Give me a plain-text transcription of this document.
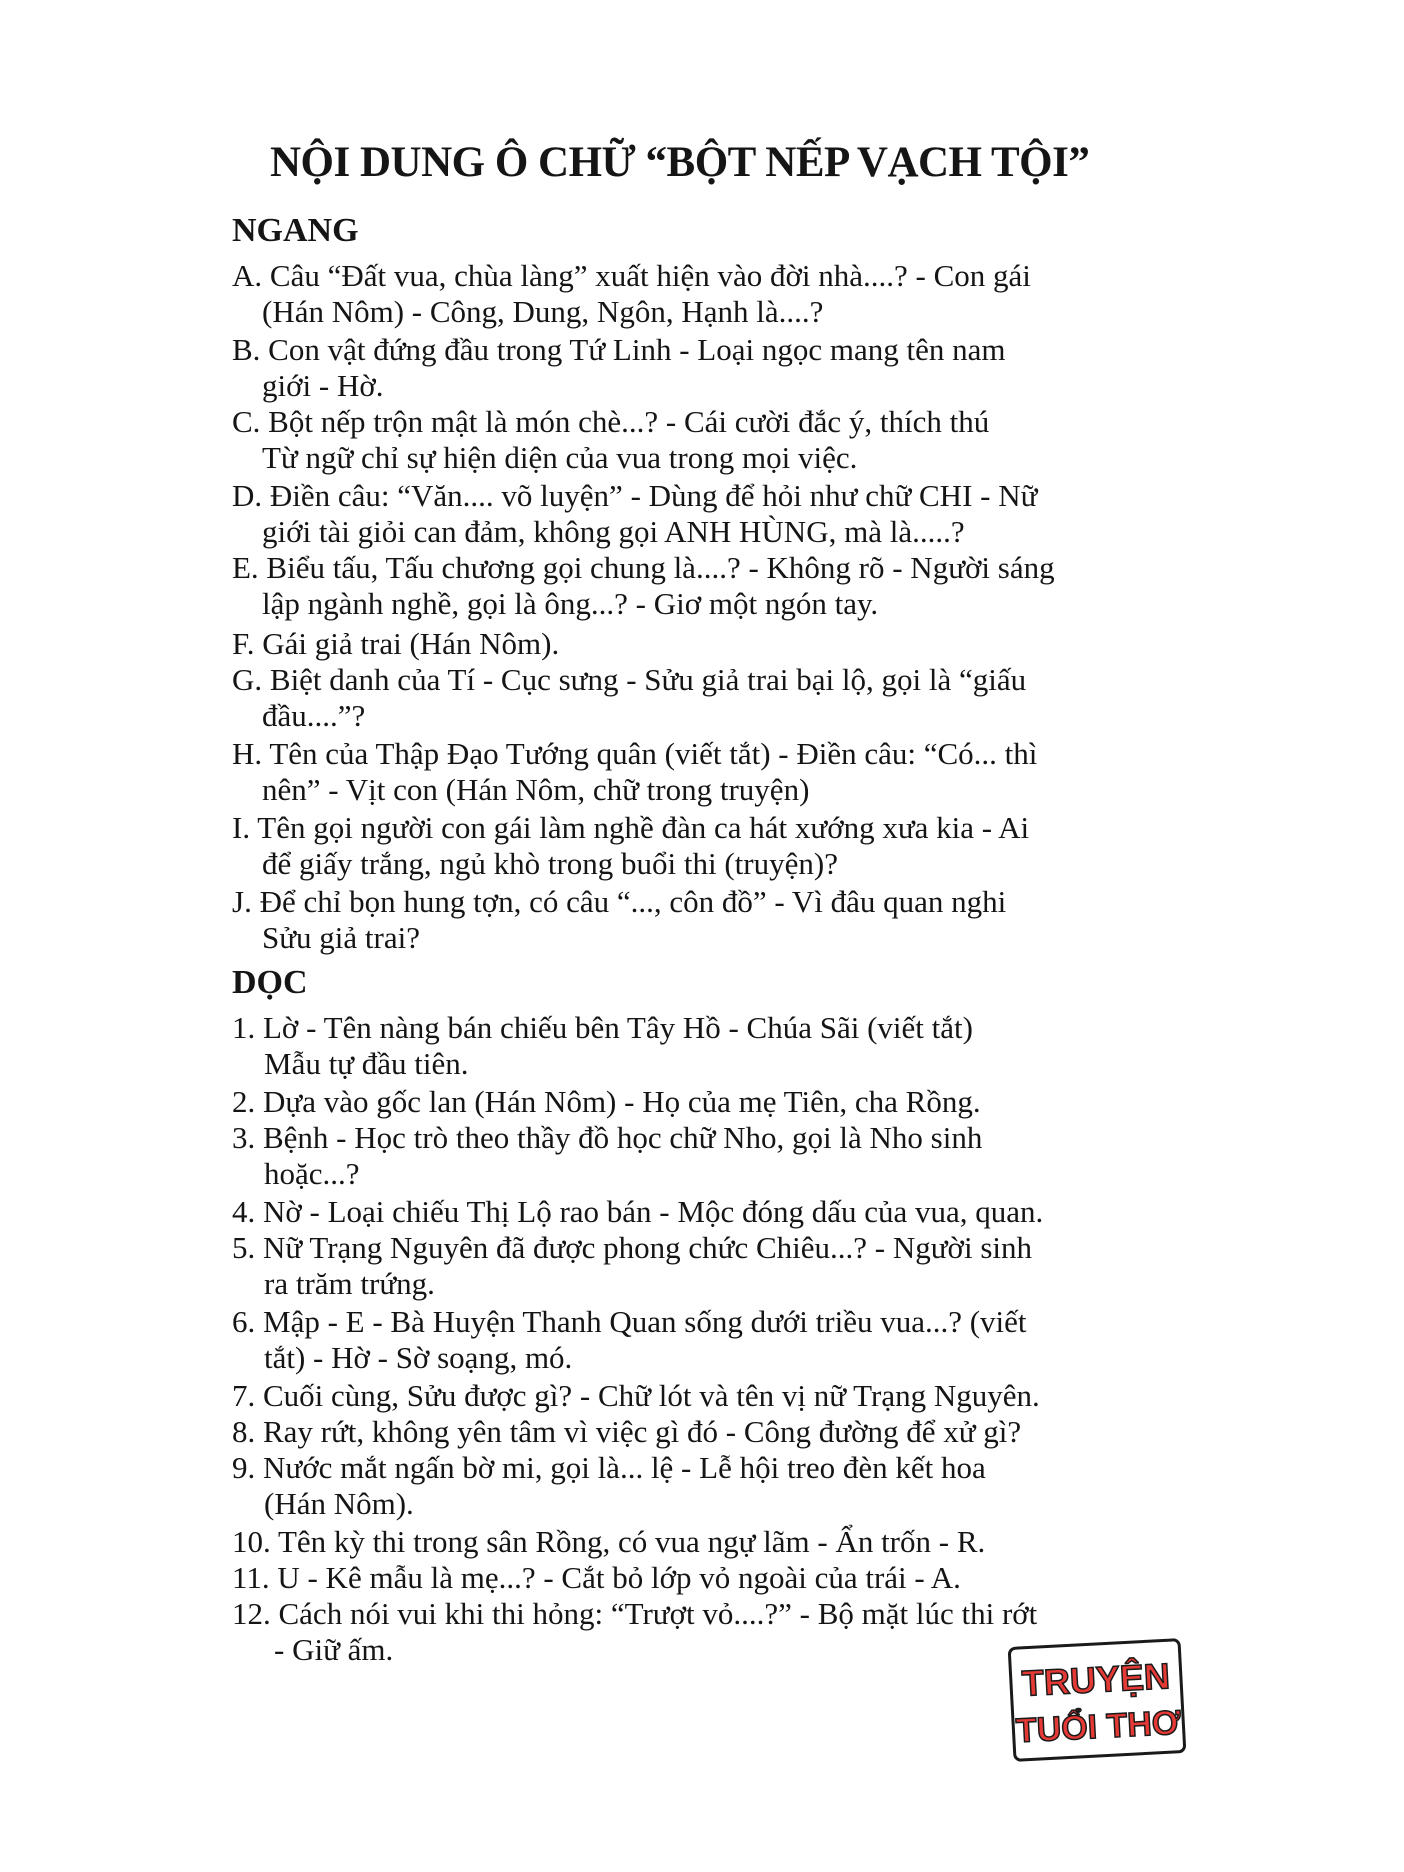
NỘI DUNG Ô CHỮ “BỘT NẾP VẠCH TỘI”
NGANG
A. Câu “Đất vua, chùa làng” xuất hiện vào đời nhà....? - Con gái
(Hán Nôm) - Công, Dung, Ngôn, Hạnh là....?
B. Con vật đứng đầu trong Tứ Linh - Loại ngọc mang tên nam
giới - Hờ.
C. Bột nếp trộn mật là món chè...? - Cái cười đắc ý, thích thú
Từ ngữ chỉ sự hiện diện của vua trong mọi việc.
D. Điền câu: “Văn.... võ luyện” - Dùng để hỏi như chữ CHI - Nữ
giới tài giỏi can đảm, không gọi ANH HÙNG, mà là.....?
E. Biểu tấu, Tấu chương gọi chung là....? - Không rõ - Người sáng
lập ngành nghề, gọi là ông...? - Giơ một ngón tay.
F. Gái giả trai (Hán Nôm).
G. Biệt danh của Tí - Cục sưng - Sửu giả trai bại lộ, gọi là “giấu
đầu....”?
H. Tên của Thập Đạo Tướng quân (viết tắt) - Điền câu: “Có... thì
nên” - Vịt con (Hán Nôm, chữ trong truyện)
I. Tên gọi người con gái làm nghề đàn ca hát xướng xưa kia - Ai
để giấy trắng, ngủ khò trong buổi thi (truyện)?
J. Để chỉ bọn hung tợn, có câu “..., côn đồ” - Vì đâu quan nghi
Sửu giả trai?
DỌC
1. Lờ - Tên nàng bán chiếu bên Tây Hồ - Chúa Sãi (viết tắt)
Mẫu tự đầu tiên.
2. Dựa vào gốc lan (Hán Nôm) - Họ của mẹ Tiên, cha Rồng.
3. Bệnh - Học trò theo thầy đồ học chữ Nho, gọi là Nho sinh
hoặc...?
4. Nờ - Loại chiếu Thị Lộ rao bán - Mộc đóng dấu của vua, quan.
5. Nữ Trạng Nguyên đã được phong chức Chiêu...? - Người sinh
ra trăm trứng.
6. Mập - E - Bà Huyện Thanh Quan sống dưới triều vua...? (viết
tắt) - Hờ - Sờ soạng, mó.
7. Cuối cùng, Sửu được gì? - Chữ lót và tên vị nữ Trạng Nguyên.
8. Ray rứt, không yên tâm vì việc gì đó - Công đường để xử gì?
9. Nước mắt ngấn bờ mi, gọi là... lệ - Lễ hội treo đèn kết hoa
(Hán Nôm).
10. Tên kỳ thi trong sân Rồng, có vua ngự lãm - Ẩn trốn - R.
11. U - Kê mẫu là mẹ...? - Cắt bỏ lớp vỏ ngoài của trái - A.
12. Cách nói vui khi thi hỏng: “Trượt vỏ....?” - Bộ mặt lúc thi rớt
- Giữ ấm.
TRUYỆN
TUỔI THƠ
